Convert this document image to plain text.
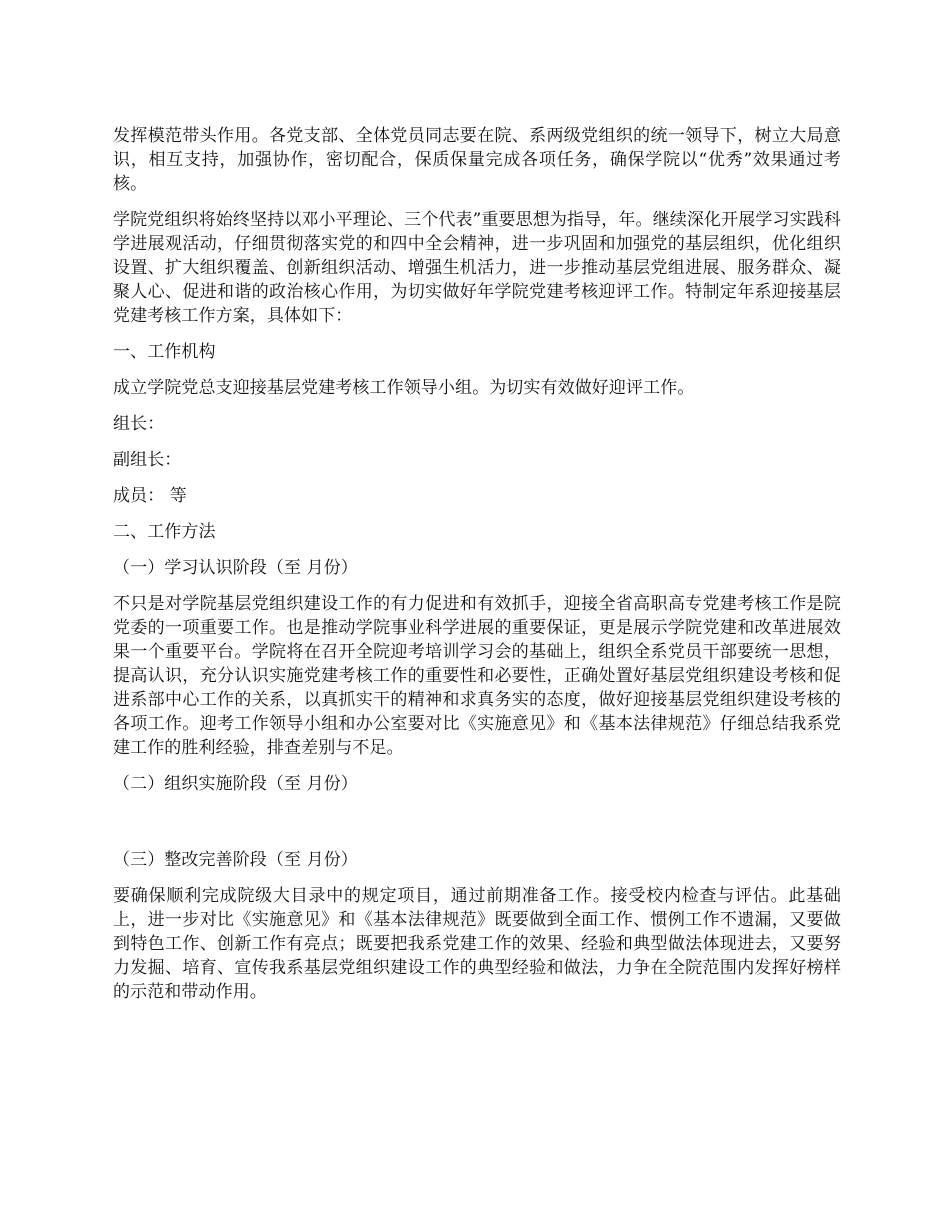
发挥模范带头作用。各党支部、全体党员同志要在院、系两级党组织的统一领导下，树立大局意识，相互支持，加强协作，密切配合，保质保量完成各项任务，确保学院以“优秀”效果通过考核。

学院党组织将始终坚持以邓小平理论、三个代表”重要思想为指导，年。继续深化开展学习实践科学进展观活动，仔细贯彻落实党的和四中全会精神，进一步巩固和加强党的基层组织，优化组织设置、扩大组织覆盖、创新组织活动、增强生机活力，进一步推动基层党组进展、服务群众、凝聚人心、促进和谐的政治核心作用，为切实做好年学院党建考核迎评工作。特制定年系迎接基层党建考核工作方案，具体如下：

一、工作机构

成立学院党总支迎接基层党建考核工作领导小组。为切实有效做好迎评工作。

组长：

副组长：

成员： 等

二、工作方法

（一）学习认识阶段（至 月份）

不只是对学院基层党组织建设工作的有力促进和有效抓手，迎接全省高职高专党建考核工作是院党委的一项重要工作。也是推动学院事业科学进展的重要保证，更是展示学院党建和改革进展效果一个重要平台。学院将在召开全院迎考培训学习会的基础上，组织全系党员干部要统一思想，提高认识，充分认识实施党建考核工作的重要性和必要性，正确处置好基层党组织建设考核和促进系部中心工作的关系，以真抓实干的精神和求真务实的态度，做好迎接基层党组织建设考核的各项工作。迎考工作领导小组和办公室要对比《实施意见》和《基本法律规范》仔细总结我系党建工作的胜利经验，排查差别与不足。

（二）组织实施阶段（至 月份）

（三）整改完善阶段（至 月份）

要确保顺利完成院级大目录中的规定项目，通过前期准备工作。接受校内检查与评估。此基础上，进一步对比《实施意见》和《基本法律规范》既要做到全面工作、惯例工作不遗漏，又要做到特色工作、创新工作有亮点；既要把我系党建工作的效果、经验和典型做法体现进去，又要努力发掘、培育、宣传我系基层党组织建设工作的典型经验和做法，力争在全院范围内发挥好榜样的示范和带动作用。
